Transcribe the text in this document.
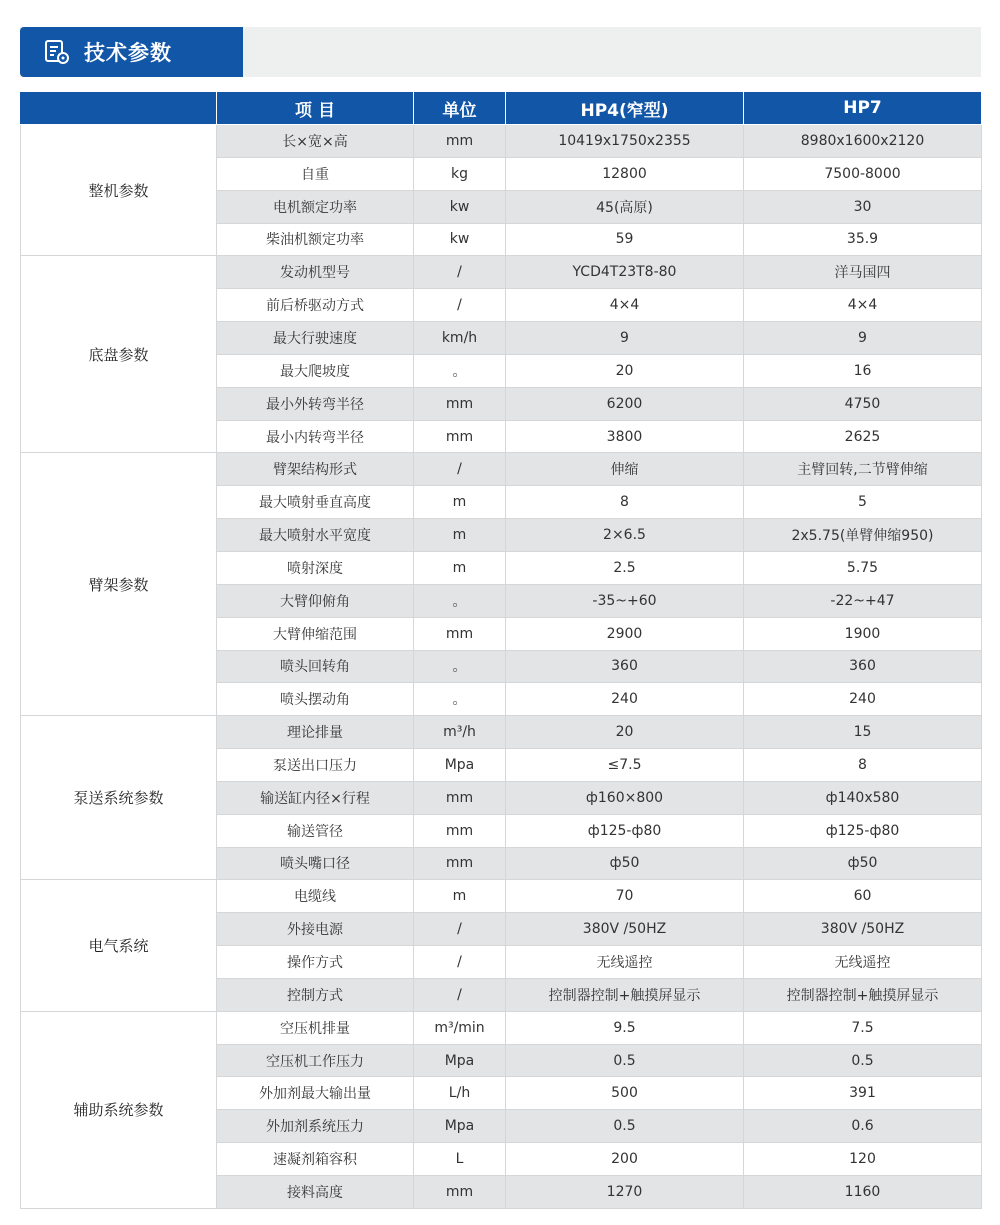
技术参数
	项 目	单位	HP4(窄型)	HP7
整机参数	长×宽×高	mm	10419x1750x2355	8980x1600x2120
	自重	kg	12800	7500-8000
	电机额定功率	kw	45(高原)	30
	柴油机额定功率	kw	59	35.9
底盘参数	发动机型号	/	YCD4T23T8-80	洋马国四
	前后桥驱动方式	/	4×4	4×4
	最大行驶速度	km/h	9	9
	最大爬坡度	。	20	16
	最小外转弯半径	mm	6200	4750
	最小内转弯半径	mm	3800	2625
臂架参数	臂架结构形式	/	伸缩	主臂回转,二节臂伸缩
	最大喷射垂直高度	m	8	5
	最大喷射水平宽度	m	2×6.5	2x5.75(单臂伸缩950)
	喷射深度	m	2.5	5.75
	大臂仰俯角	。	-35~+60	-22~+47
	大臂伸缩范围	mm	2900	1900
	喷头回转角	。	360	360
	喷头摆动角	。	240	240
泵送系统参数	理论排量	m³/h	20	15
	泵送出口压力	Mpa	≤7.5	8
	输送缸内径×行程	mm	ф160×800	ф140x580
	输送管径	mm	ф125-ф80	ф125-ф80
	喷头嘴口径	mm	ф50	ф50
电气系统	电缆线	m	70	60
	外接电源	/	380V /50HZ	380V /50HZ
	操作方式	/	无线遥控	无线遥控
	控制方式	/	控制器控制+触摸屏显示	控制器控制+触摸屏显示
辅助系统参数	空压机排量	m³/min	9.5	7.5
	空压机工作压力	Mpa	0.5	0.5
	外加剂最大输出量	L/h	500	391
	外加剂系统压力	Mpa	0.5	0.6
	速凝剂箱容积	L	200	120
	接料高度	mm	1270	1160
